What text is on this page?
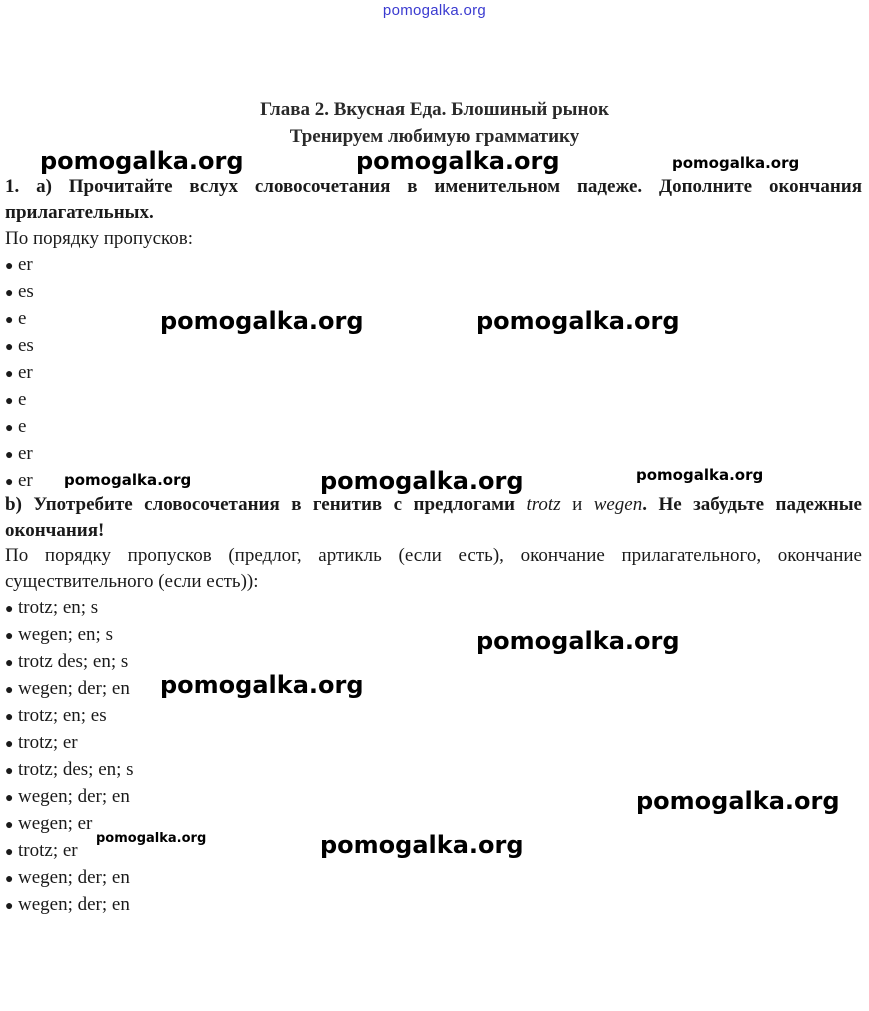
pomogalka.org
Глава 2. Вкусная Еда. Блошиный рынок
Тренируем любимую грамматику
1. a) Прочитайте вслух словосочетания в именительном падеже. Дополните окончания прилагательных.
По порядку пропусков:
● er
● es
● e
● es
● er
● e
● e
● er
● er
b) Употребите словосочетания в генитив с предлогами trotz и wegen. Не забудьте падежные окончания!
По порядку пропусков (предлог, артикль (если есть), окончание прилагательного, окончание существительного (если есть)):
● trotz; en; s
● wegen; en; s
● trotz des; en; s
● wegen; der; en
● trotz; en; es
● trotz; er
● trotz; des; en; s
● wegen; der; en
● wegen; er
● trotz; er
● wegen; der; en
● wegen; der; en
pomogalka.org	pomogalka.org	pomogalka.org
pomogalka.org	pomogalka.org
pomogalka.org	pomogalka.org	pomogalka.org
pomogalka.org
pomogalka.org
pomogalka.org
pomogalka.org	pomogalka.org
